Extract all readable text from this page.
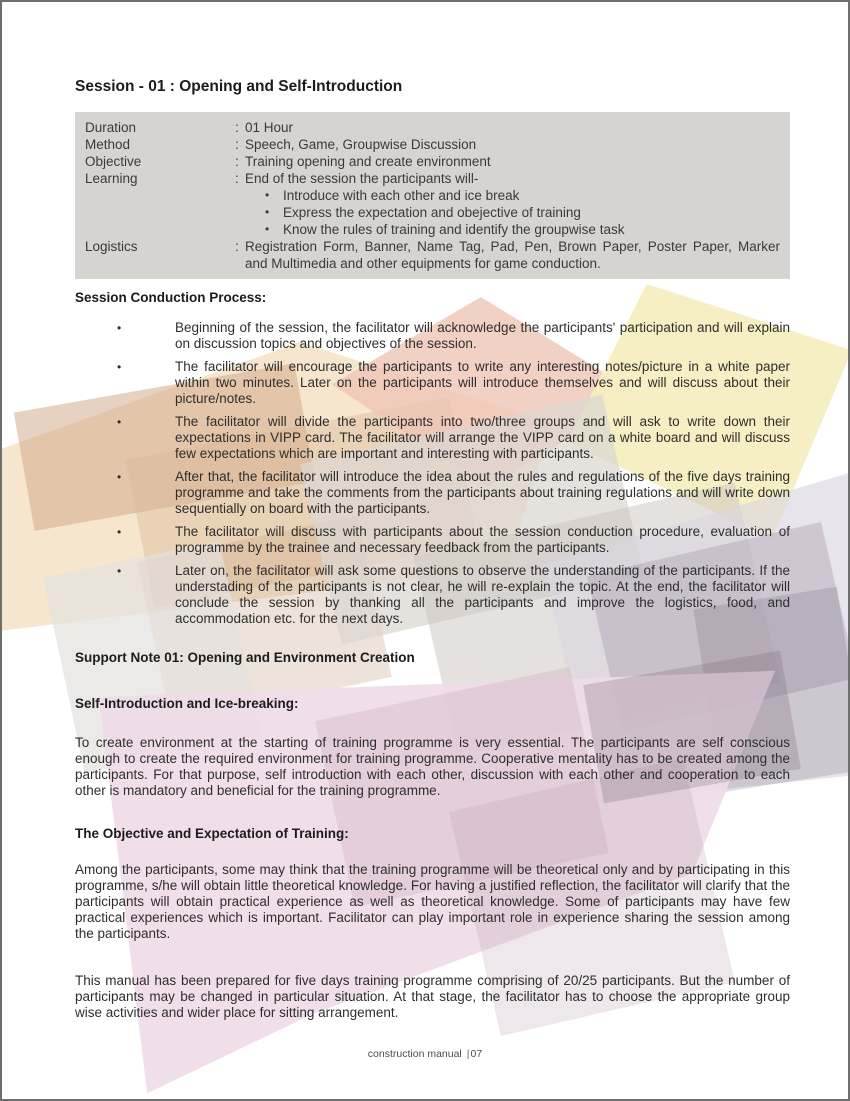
Session - 01 : Opening and Self-Introduction
Duration	: 01 Hour
Method	: Speech, Game, Groupwise Discussion
Objective	: Training opening and create environment
Learning	: End of the session the participants will-
•	Introduce with each other and ice break
•	Express the expectation and obejective of training
•	Know the rules of training and identify the groupwise task
Logistics	: Registration Form, Banner, Name Tag, Pad, Pen, Brown Paper, Poster Paper, Marker and Multimedia and other equipments for game conduction.
Session Conduction Process:
•	Beginning of the session, the facilitator will acknowledge the participants' participation and will explain on discussion topics and objectives of the session.
•	The facilitator will encourage the participants to write any interesting notes/picture in a white paper within two minutes. Later on the participants will introduce themselves and will discuss about their picture/notes.
•	The facilitator will divide the participants into two/three groups and will ask to write down their expectations in VIPP card. The facilitator will arrange the VIPP card on a white board and will discuss few expectations which are important and interesting with participants.
•	After that, the facilitator will introduce the idea about the rules and regulations of the five days training programme and take the comments from the participants about training regulations and will write down sequentially on board with the participants.
•	The facilitator will discuss with participants about the session conduction procedure, evaluation of programme by the trainee and necessary feedback from the participants.
•	Later on, the facilitator will ask some questions to observe the understanding of the participants. If the understading of the participants is not clear, he will re-explain the topic. At the end, the facilitator will conclude the session by thanking all the participants and improve the logistics, food, and accommodation etc. for the next days.
Support Note 01: Opening and Environment Creation
Self-Introduction and Ice-breaking:
To create environment at the starting of training programme is very essential. The participants are self conscious enough to create the required environment for training programme. Cooperative mentality has to be created among the participants. For that purpose, self introduction with each other, discussion with each other and cooperation to each other is mandatory and beneficial for the training programme.
The Objective and Expectation of Training:
Among the participants, some may think that the training programme will be theoretical only and by participating in this programme, s/he will obtain little theoretical knowledge. For having a justified reflection, the facilitator will clarify that the participants will obtain practical experience as well as theoretical knowledge. Some of participants may have few practical experiences which is important. Facilitator can play important role in experience sharing the session among the participants.
This manual has been prepared for five days training programme comprising of 20/25 participants. But the number of participants may be changed in particular situation. At that stage, the facilitator has to choose the appropriate group wise activities and wider place for sitting arrangement.
construction manual |07
